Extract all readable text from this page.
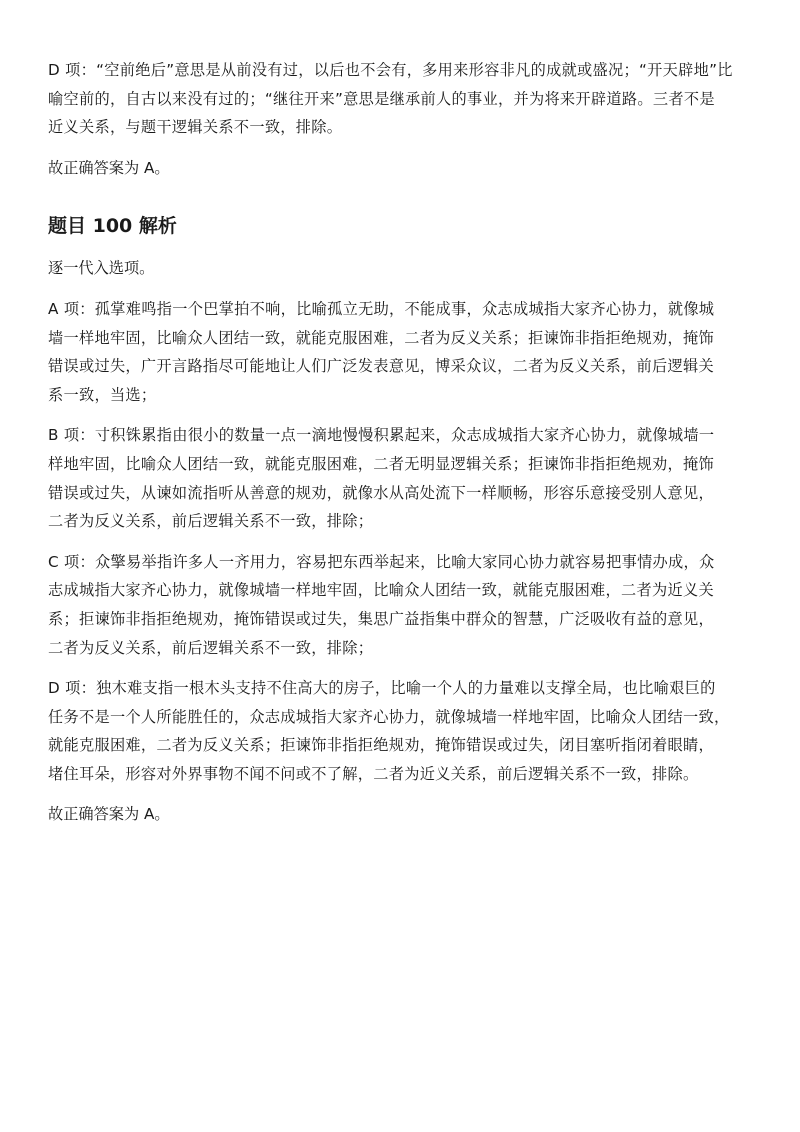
D 项：“空前绝后”意思是从前没有过，以后也不会有，多用来形容非凡的成就或盛况；“开天辟地”比
喻空前的，自古以来没有过的；“继往开来”意思是继承前人的事业，并为将来开辟道路。三者不是
近义关系，与题干逻辑关系不一致，排除。

故正确答案为 A。

题目 100 解析

逐一代入选项。

A 项：孤掌难鸣指一个巴掌拍不响，比喻孤立无助，不能成事，众志成城指大家齐心协力，就像城
墙一样地牢固，比喻众人团结一致，就能克服困难，二者为反义关系；拒谏饰非指拒绝规劝，掩饰
错误或过失，广开言路指尽可能地让人们广泛发表意见，博采众议，二者为反义关系，前后逻辑关
系一致，当选；

B 项：寸积铢累指由很小的数量一点一滴地慢慢积累起来，众志成城指大家齐心协力，就像城墙一
样地牢固，比喻众人团结一致，就能克服困难，二者无明显逻辑关系；拒谏饰非指拒绝规劝，掩饰
错误或过失，从谏如流指听从善意的规劝，就像水从高处流下一样顺畅，形容乐意接受别人意见，
二者为反义关系，前后逻辑关系不一致，排除；

C 项：众擎易举指许多人一齐用力，容易把东西举起来，比喻大家同心协力就容易把事情办成，众
志成城指大家齐心协力，就像城墙一样地牢固，比喻众人团结一致，就能克服困难，二者为近义关
系；拒谏饰非指拒绝规劝，掩饰错误或过失，集思广益指集中群众的智慧，广泛吸收有益的意见，
二者为反义关系，前后逻辑关系不一致，排除；

D 项：独木难支指一根木头支持不住高大的房子，比喻一个人的力量难以支撑全局，也比喻艰巨的
任务不是一个人所能胜任的，众志成城指大家齐心协力，就像城墙一样地牢固，比喻众人团结一致，
就能克服困难，二者为反义关系；拒谏饰非指拒绝规劝，掩饰错误或过失，闭目塞听指闭着眼睛，
堵住耳朵，形容对外界事物不闻不问或不了解，二者为近义关系，前后逻辑关系不一致，排除。

故正确答案为 A。
